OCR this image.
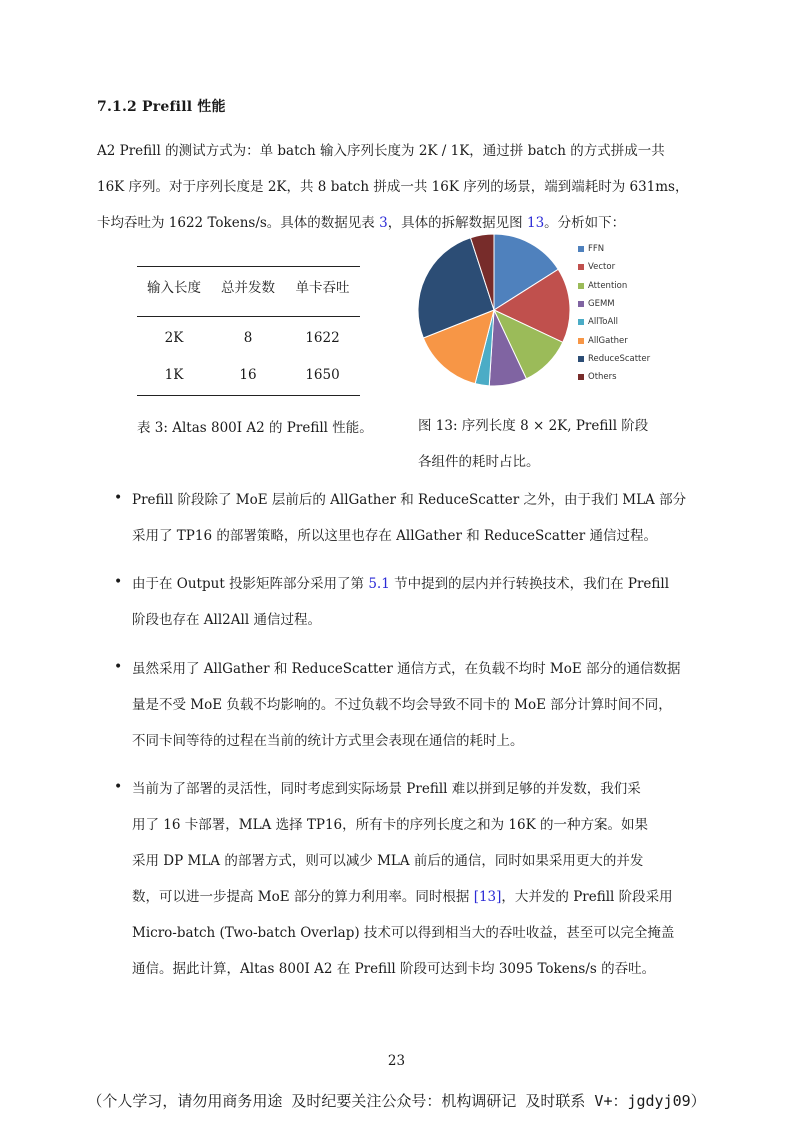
7.1.2 Prefill 性能
A2 Prefill 的测试方式为：单 batch 输入序列长度为 2K / 1K，通过拼 batch 的方式拼成一共
16K 序列。对于序列长度是 2K，共 8 batch 拼成一共 16K 序列的场景，端到端耗时为 631ms，
卡均吞吐为 1622 Tokens/s。具体的数据见表 3，具体的拆解数据见图 13。分析如下：
输入长度	总并发数	单卡吞吐
2K	8	1622
1K	16	1650
表 3: Altas 800I A2 的 Prefill 性能。
FFN
Vector
Attention
GEMM
AllToAll
AllGather
ReduceScatter
Others
图 13: 序列长度 8 × 2K, Prefill 阶段
各组件的耗时占比。
• Prefill 阶段除了 MoE 层前后的 AllGather 和 ReduceScatter 之外，由于我们 MLA 部分
采用了 TP16 的部署策略，所以这里也存在 AllGather 和 ReduceScatter 通信过程。
• 由于在 Output 投影矩阵部分采用了第 5.1 节中提到的层内并行转换技术，我们在 Prefill
阶段也存在 All2All 通信过程。
• 虽然采用了 AllGather 和 ReduceScatter 通信方式，在负载不均时 MoE 部分的通信数据
量是不受 MoE 负载不均影响的。不过负载不均会导致不同卡的 MoE 部分计算时间不同，
不同卡间等待的过程在当前的统计方式里会表现在通信的耗时上。
• 当前为了部署的灵活性，同时考虑到实际场景 Prefill 难以拼到足够的并发数，我们采
用了 16 卡部署，MLA 选择 TP16，所有卡的序列长度之和为 16K 的一种方案。如果
采用 DP MLA 的部署方式，则可以减少 MLA 前后的通信，同时如果采用更大的并发
数，可以进一步提高 MoE 部分的算力利用率。同时根据 [13]，大并发的 Prefill 阶段采用
Micro-batch (Two-batch Overlap) 技术可以得到相当大的吞吐收益，甚至可以完全掩盖
通信。据此计算，Altas 800I A2 在 Prefill 阶段可达到卡均 3095 Tokens/s 的吞吐。
23
（个人学习，请勿用商务用途 及时纪要关注公众号：机构调研记 及时联系 V+：jgdyj09）
